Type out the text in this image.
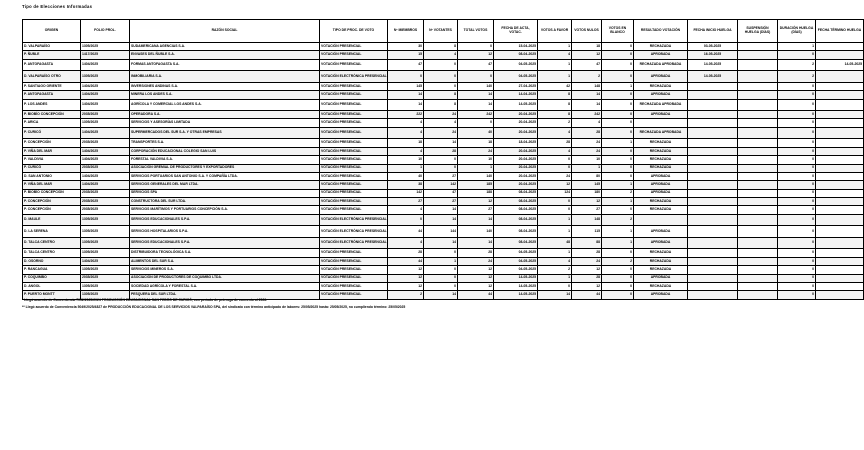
Tipo de Elecciones Informadas
ORIGEN	FOLIO PROL.	RAZÓN SOCIAL	TIPO DE PROC. DE VOTO	Nº MIEMBROS	Nº VOTANTES	TOTAL VOTOS	FECHA DE ACTA, VOTAC.	VOTOS A FAVOR	VOTOS NULOS	VOTOS EN BLANCO	RESULTADO VOTACIÓN	FECHA INICIO HUELGA	SUSPENSIÓN HUELGA (DÍAS)	DURACIÓN HUELGA (DÍAS)	FECHA TÉRMINO HUELGA
D. VALPARAÍSO	1305/2025	SUDAMERICANA AGENCIAS S.A.	VOTACIÓN PRESENCIAL	30	8	0	15-04-2025	1	18	0	RECHAZADA	03-05-2025		1	
P. ÑUBLE	1417/2025	ENVASES DEL ÑUBLE S.A.	VOTACIÓN PRESENCIAL	15	4	12	08-04-2025	4	12	0	APROBADA	16-05-2025		0	
P. ANTOFAGASTA	1404/2025	FORMAS ANTOFAGASTA S.A.	VOTACIÓN PRESENCIAL	47	0	47	04-05-2025	1	47	0	RECHAZADA APROBADA	14-05-2025		2	14-05-2025
D. VALPARAÍSO OTRO	1305/2025	INMOBILIARIA S.A.	VOTACIÓN ELECTRÓNICA PRESENCIAL	0	0	0	04-05-2025	1	2	0	APROBADA	14-05-2025		2	
P. SANTIAGO ORIENTE	1404/2025	INVERSIONES ANDINAS S.A.	VOTACIÓN PRESENCIAL	145	0	140	27-04-2025	42	148	1	RECHAZADA			0	
P. ANTOFAGASTA	1404/2025	MINERA LOS ANDES S.A.	VOTACIÓN PRESENCIAL	14	8	14	14-04-2025	8	14	0	APROBADA			0	
P. LOS ANDES	1404/2025	AGRÍCOLA Y COMERCIAL LOS ANDES S.A.	VOTACIÓN PRESENCIAL	14	8	14	14-05-2025	8	14	0	RECHAZADA APROBADA			0	
P. BIOBÍO CONCEPCIÓN	2035/2025	OPERADORA S.A.	VOTACIÓN PRESENCIAL	222	24	242	20-04-2025	8	242	0	APROBADA			0	
P. ARICA	1305/2025	SERVICIOS Y ASESORÍAS LIMITADA	VOTACIÓN PRESENCIAL	4	4	0	20-04-2025	2	4	0				0	
P. CURICÓ	1404/2025	SUPERMERCADOS DEL SUR S.A. Y OTRAS EMPRESAS	VOTACIÓN PRESENCIAL	4	24	40	20-04-2025	4	28	0	RECHAZADA APROBADA			0	
P. CONCEPCIÓN	2035/2025	TRANSPORTES S.A.	VOTACIÓN PRESENCIAL	18	14	18	18-04-2025	28	24	1	RECHAZADA			0	
P. VIÑA DEL MAR	1404/2025	CORPORACIÓN EDUCACIONAL COLEGIO SAN LUIS	VOTACIÓN PRESENCIAL	4	28	24	20-04-2025	4	24	0	RECHAZADA			0	
P. VALDIVIA	1404/2025	FORESTAL VALDIVIA S.A.	VOTACIÓN PRESENCIAL	10	0	10	20-04-2025	0	10	0	RECHAZADA			0	
P. CURICÓ	2035/2025	ASOCIACIÓN GREMIAL DE PRODUCTORES Y EXPORTADORES	VOTACIÓN PRESENCIAL	1	0	1	20-04-2025	0	1	0	RECHAZADA			0	
D. SAN ANTONIO	1404/2025	SERVICIOS PORTUARIOS SAN ANTONIO S.A. Y COMPAÑÍA LTDA.	VOTACIÓN PRESENCIAL	40	27	140	20-04-2025	24	80	0	APROBADA			0	
P. VIÑA DEL MAR	1404/2025	SERVICIOS GENERALES DEL MAR LTDA.	VOTACIÓN PRESENCIAL	38	142	185	20-04-2025	12	145	1	APROBADA			0	
P. BIOBÍO CONCEPCIÓN	2035/2025	SERVICIOS SPA	VOTACIÓN PRESENCIAL	142	47	188	08-04-2025	124	180	2	APROBADA			0	
P. CONCEPCIÓN	2035/2025	CONSTRUCTORA DEL SUR LTDA.	VOTACIÓN PRESENCIAL	27	27	12	08-04-2025	0	12	1	RECHAZADA			0	
P. CONCEPCIÓN	2035/2025	SERVICIOS MARÍTIMOS Y PORTUARIOS CONCEPCIÓN S.A.	VOTACIÓN PRESENCIAL	4	14	27	08-04-2025	0	27	0	RECHAZADA			0	
D. MAULE	1305/2025	SERVICIOS EDUCACIONALES S.P.A.	VOTACIÓN ELECTRÓNICA PRESENCIAL	0	14	14	08-04-2025	1	148	2				0	
D. LA SERENA	1305/2025	SERVICIOS HOSPITALARIOS S.P.A.	VOTACIÓN ELECTRÓNICA PRESENCIAL	44	144	140	08-04-2025	1	115	1	APROBADA			0	
D. TALCA CENTRO	1305/2025	SERVICIOS EDUCACIONALES S.P.A.	VOTACIÓN ELECTRÓNICA PRESENCIAL	4	14	14	08-04-2025	48	88	1	APROBADA			0	
D. TALCA CENTRO	1305/2025	DISTRIBUIDORA TECNOLÓGICA S.A.	VOTACIÓN PRESENCIAL	28	0	28	04-05-2025	1	28	0	RECHAZADA			0	
D. OSORNO	1404/2025	ALIMENTOS DEL SUR S.A.	VOTACIÓN PRESENCIAL	44	1	24	04-05-2025	4	24	2	RECHAZADA			0	
P. RANCAGUA	1305/2025	SERVICIOS MINEROS S.A.	VOTACIÓN PRESENCIAL	12	0	12	04-05-2025	2	12	0	RECHAZADA			0	
P. COQUIMBO	2035/2025	ASOCIACIÓN DE PRODUCTORES DE COQUIMBO LTDA.	VOTACIÓN PRESENCIAL	12	0	12	14-05-2025	1	28	0	APROBADA			0	
D. ANGOL	1305/2025	SOCIEDAD AGRÍCOLA Y FORESTAL S.A.	VOTACIÓN PRESENCIAL	12	0	12	14-05-2025	0	12	0	RECHAZADA			0	
P. PUERTO MONTT	1305/2025	PESQUERA DEL SUR LTDA.	VOTACIÓN PRESENCIAL	2	14	44	14-05-2025	14	44	0	APROBADA			0	
* Llegó acuerdo de Conveniencia 7052/2025/2024 PRODUCCIÓN EDUCACIONAL SAN PEDRO DE CURICÓ, con período de prórroga de convenio al 2026.
** Llegó acuerdo de Conveniencia 5049/2025/4827 de PRODUCCIÓN EDUCACIONAL DE LOS SERVICIOS VALPARAÍSO SPA, del sindicato con término anticipado de labores: 25/05/2025 hasta: 25/05/2025, no cumpliendo término: 25/05/2025
